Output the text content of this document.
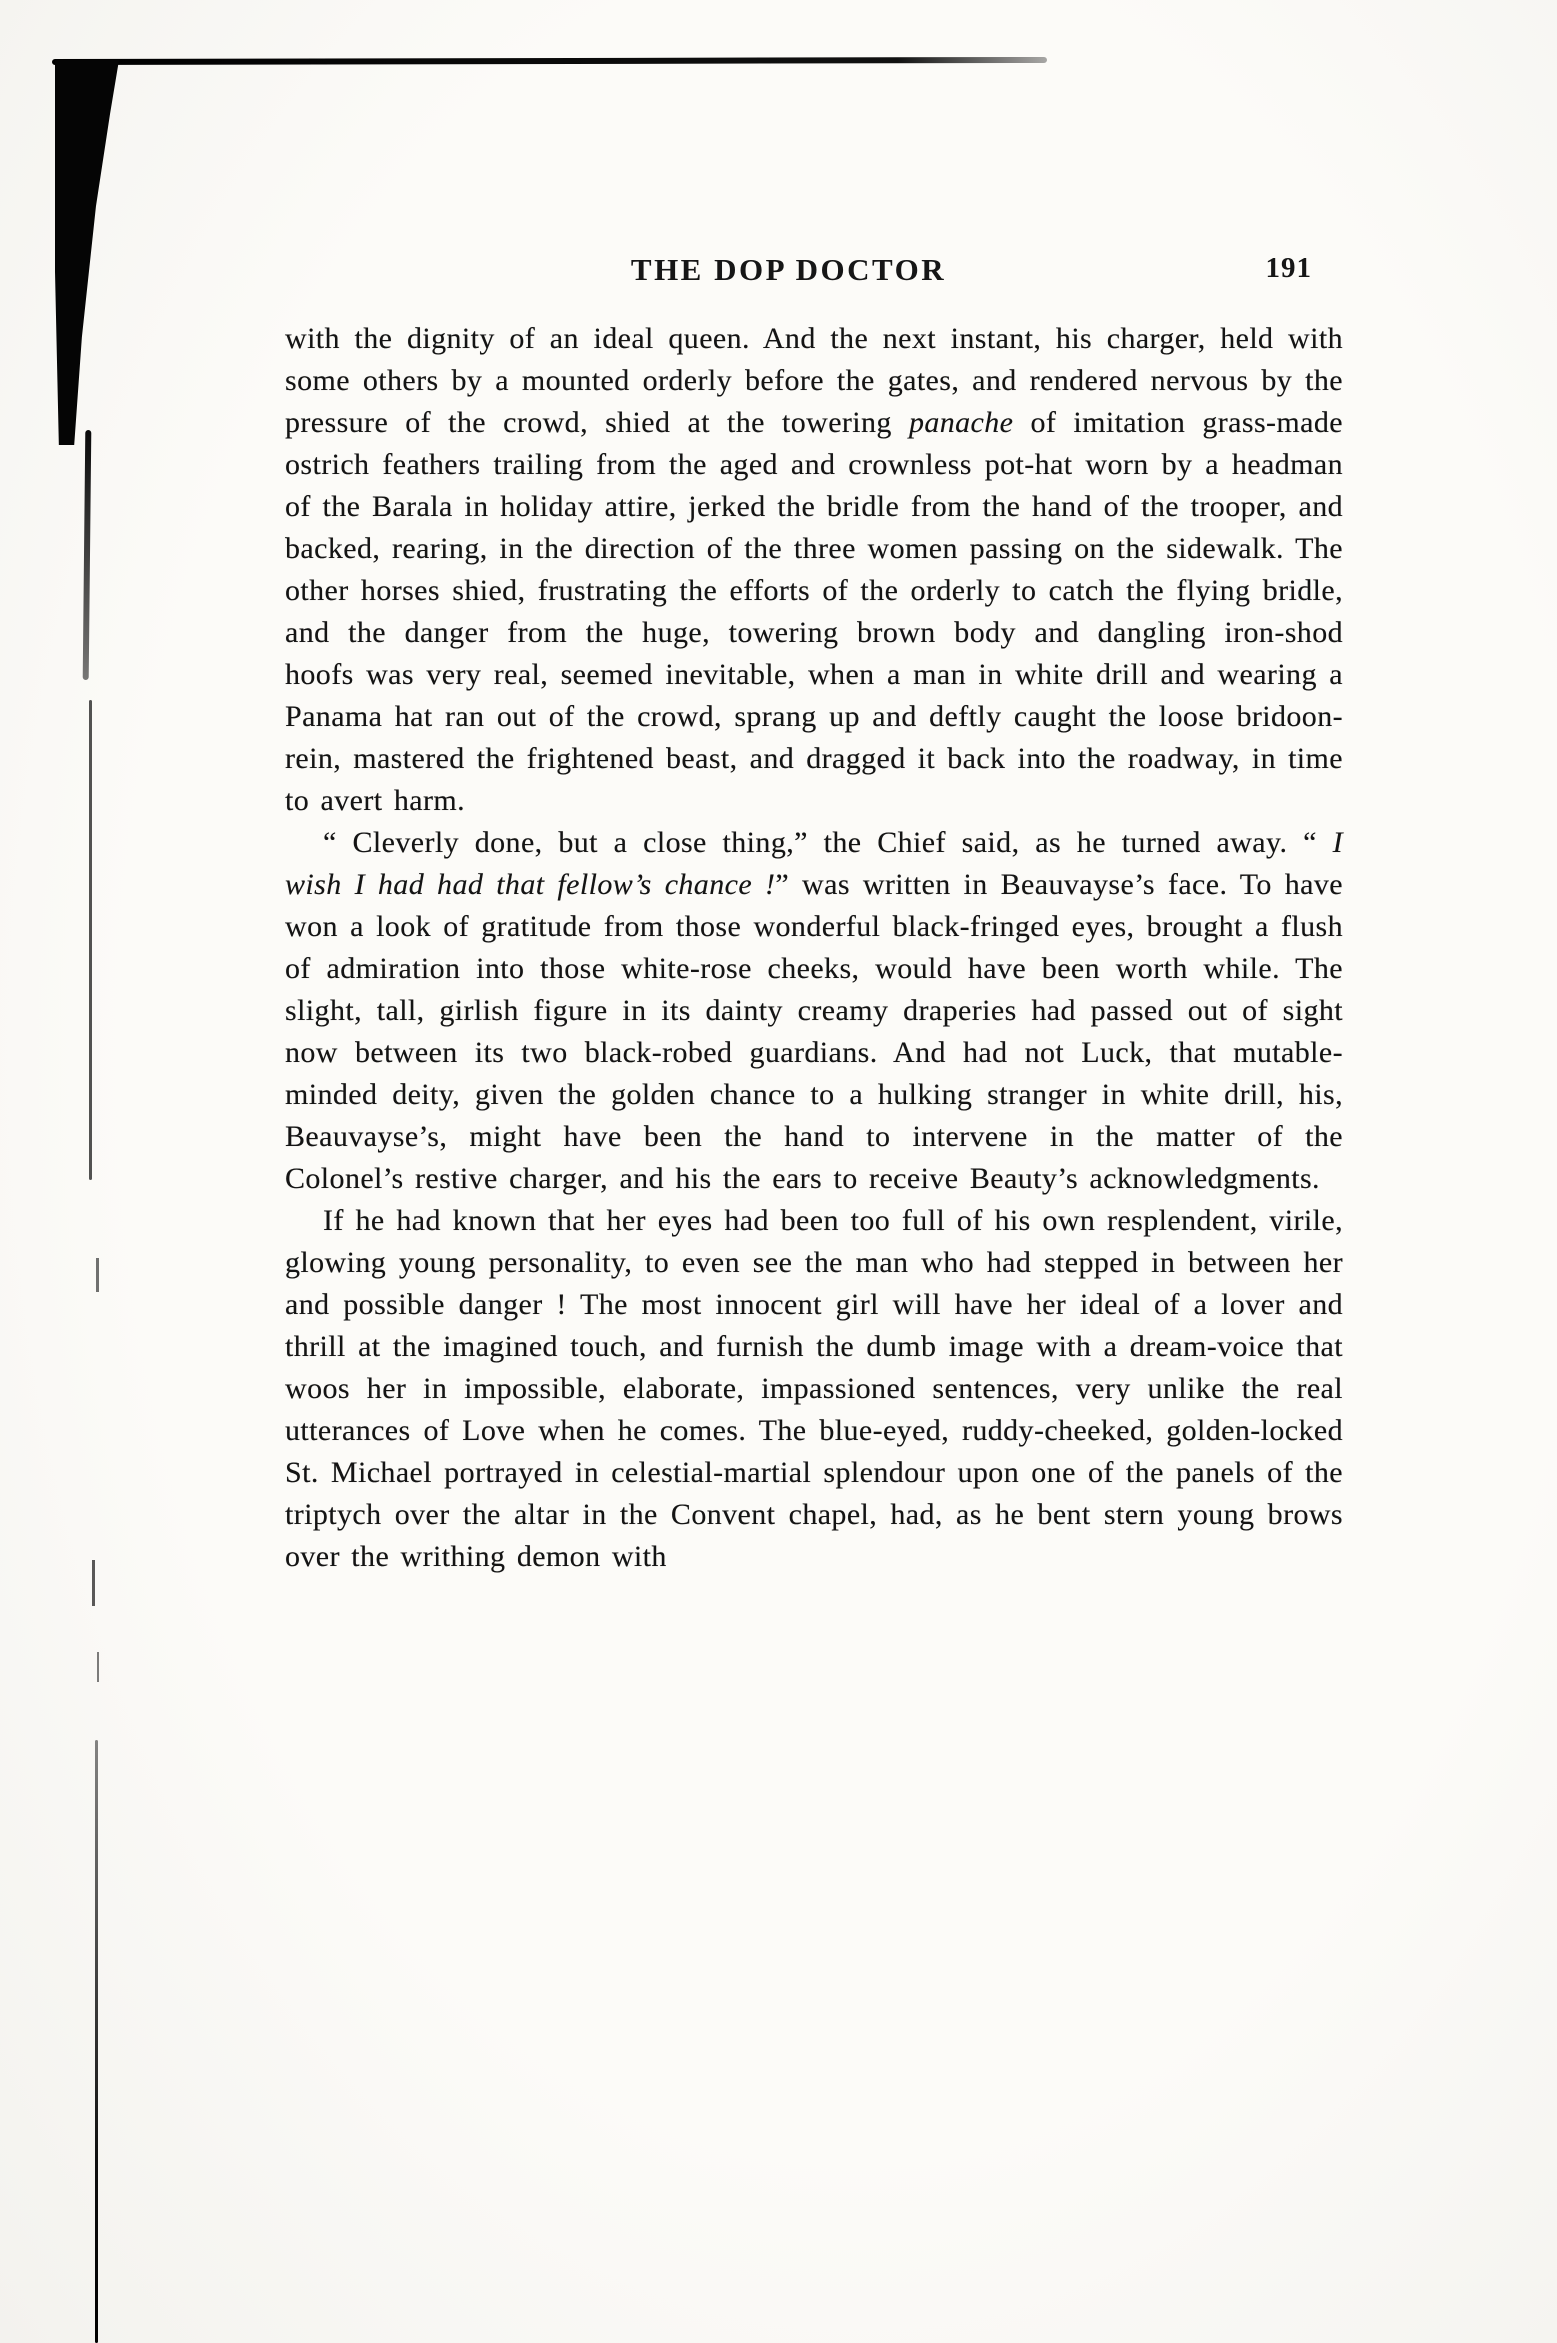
THE DOP DOCTOR	191

with the dignity of an ideal queen. And the next instant, his charger, held with some others by a mounted orderly before the gates, and rendered nervous by the pressure of the crowd, shied at the towering panache of imitation grass-made ostrich feathers trailing from the aged and crownless pot-hat worn by a headman of the Barala in holiday attire, jerked the bridle from the hand of the trooper, and backed, rearing, in the direction of the three women passing on the sidewalk. The other horses shied, frustrating the efforts of the orderly to catch the flying bridle, and the danger from the huge, towering brown body and dangling iron-shod hoofs was very real, seemed inevitable, when a man in white drill and wearing a Panama hat ran out of the crowd, sprang up and deftly caught the loose bridoon-rein, mastered the frightened beast, and dragged it back into the roadway, in time to avert harm.

“ Cleverly done, but a close thing,” the Chief said, as he turned away. “ I wish I had had that fellow’s chance !” was written in Beauvayse’s face. To have won a look of gratitude from those wonderful black-fringed eyes, brought a flush of admiration into those white-rose cheeks, would have been worth while. The slight, tall, girlish figure in its dainty creamy draperies had passed out of sight now between its two black-robed guardians. And had not Luck, that mutable-minded deity, given the golden chance to a hulking stranger in white drill, his, Beauvayse’s, might have been the hand to intervene in the matter of the Colonel’s restive charger, and his the ears to receive Beauty’s acknowledgments.

If he had known that her eyes had been too full of his own resplendent, virile, glowing young personality, to even see the man who had stepped in between her and possible danger ! The most innocent girl will have her ideal of a lover and thrill at the imagined touch, and furnish the dumb image with a dream-voice that woos her in impossible, elaborate, impassioned sentences, very unlike the real utterances of Love when he comes. The blue-eyed, ruddy-cheeked, golden-locked St. Michael portrayed in celestial-martial splendour upon one of the panels of the triptych over the altar in the Convent chapel, had, as he bent stern young brows over the writhing demon with
